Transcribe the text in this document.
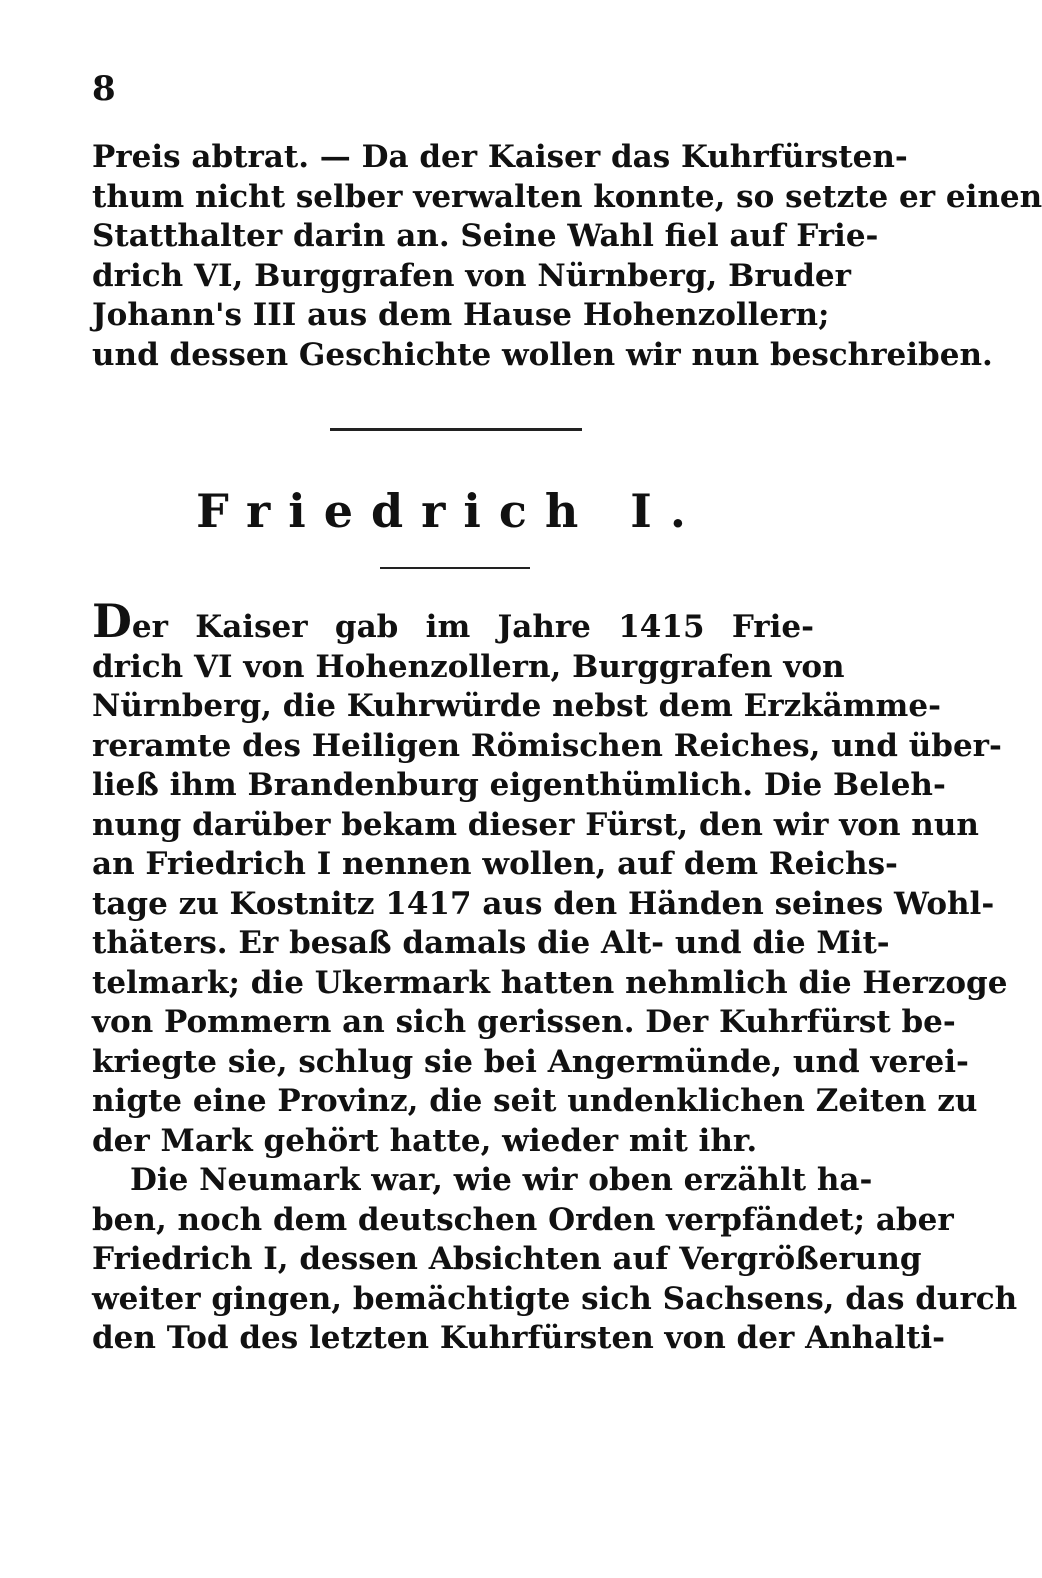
8
Preis abtrat. — Da der Kaiser das Kuhrfürsten-
thum nicht selber verwalten konnte, so setzte er einen
Statthalter darin an. Seine Wahl fiel auf Frie-
drich VI, Burggrafen von Nürnberg, Bruder
Johann's III aus dem Hause Hohenzollern;
und dessen Geschichte wollen wir nun beschreiben.
Friedrich I.
Der Kaiser gab im Jahre 1415 Frie-
drich VI von Hohenzollern, Burggrafen von
Nürnberg, die Kuhrwürde nebst dem Erzkämme-
reramte des Heiligen Römischen Reiches, und über-
ließ ihm Brandenburg eigenthümlich. Die Beleh-
nung darüber bekam dieser Fürst, den wir von nun
an Friedrich I nennen wollen, auf dem Reichs-
tage zu Kostnitz 1417 aus den Händen seines Wohl-
thäters. Er besaß damals die Alt- und die Mit-
telmark; die Ukermark hatten nehmlich die Herzoge
von Pommern an sich gerissen. Der Kuhrfürst be-
kriegte sie, schlug sie bei Angermünde, und verei-
nigte eine Provinz, die seit undenklichen Zeiten zu
der Mark gehört hatte, wieder mit ihr.
Die Neumark war, wie wir oben erzählt ha-
ben, noch dem deutschen Orden verpfändet; aber
Friedrich I, dessen Absichten auf Vergrößerung
weiter gingen, bemächtigte sich Sachsens, das durch
den Tod des letzten Kuhrfürsten von der Anhalti-
